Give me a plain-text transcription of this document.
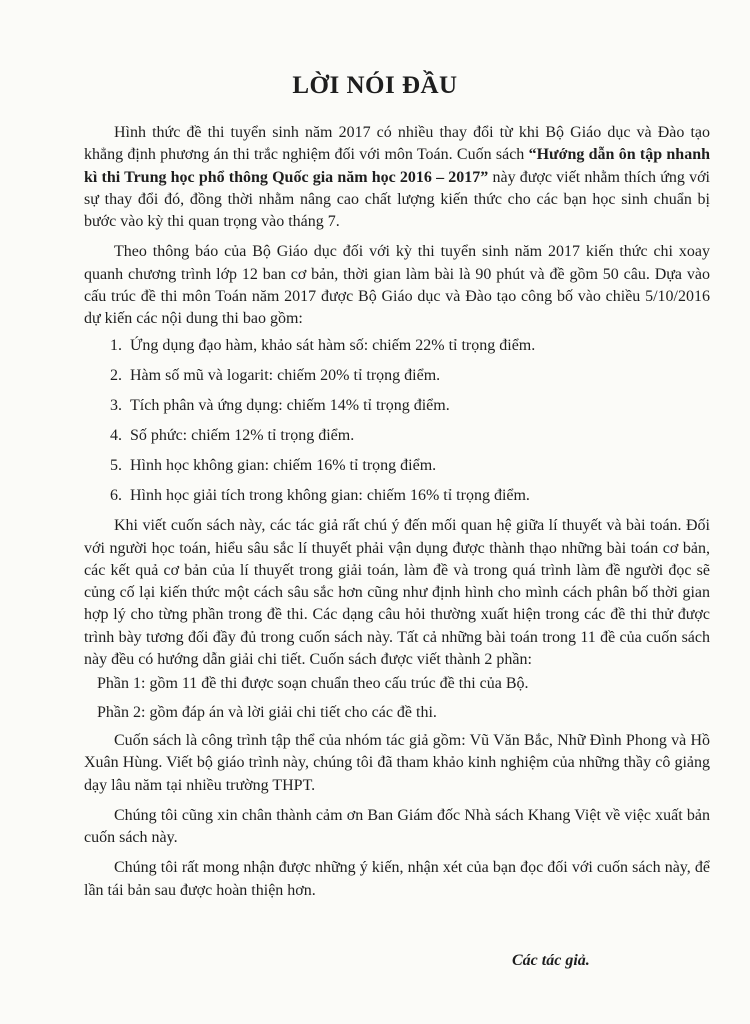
LỜI NÓI ĐẦU

Hình thức đề thi tuyển sinh năm 2017 có nhiều thay đổi từ khi Bộ Giáo dục và Đào tạo khẳng định phương án thi trắc nghiệm đối với môn Toán. Cuốn sách “Hướng dẫn ôn tập nhanh kì thi Trung học phổ thông Quốc gia năm học 2016 – 2017” này được viết nhằm thích ứng với sự thay đổi đó, đồng thời nhằm nâng cao chất lượng kiến thức cho các bạn học sinh chuẩn bị bước vào kỳ thi quan trọng vào tháng 7.

Theo thông báo của Bộ Giáo dục đối với kỳ thi tuyển sinh năm 2017 kiến thức chi xoay quanh chương trình lớp 12 ban cơ bản, thời gian làm bài là 90 phút và đề gồm 50 câu. Dựa vào cấu trúc đề thi môn Toán năm 2017 được Bộ Giáo dục và Đào tạo công bố vào chiều 5/10/2016 dự kiến các nội dung thi bao gồm:

1. Ứng dụng đạo hàm, khảo sát hàm số: chiếm 22% tỉ trọng điểm.
2. Hàm số mũ và logarit: chiếm 20% tỉ trọng điểm.
3. Tích phân và ứng dụng: chiếm 14% tỉ trọng điểm.
4. Số phức: chiếm 12% tỉ trọng điểm.
5. Hình học không gian: chiếm 16% tỉ trọng điểm.
6. Hình học giải tích trong không gian: chiếm 16% tỉ trọng điểm.

Khi viết cuốn sách này, các tác giả rất chú ý đến mối quan hệ giữa lí thuyết và bài toán. Đối với người học toán, hiểu sâu sắc lí thuyết phải vận dụng được thành thạo những bài toán cơ bản, các kết quả cơ bản của lí thuyết trong giải toán, làm đề và trong quá trình làm đề người đọc sẽ củng cố lại kiến thức một cách sâu sắc hơn cũng như định hình cho mình cách phân bố thời gian hợp lý cho từng phần trong đề thi. Các dạng câu hỏi thường xuất hiện trong các đề thi thử được trình bày tương đối đầy đủ trong cuốn sách này. Tất cả những bài toán trong 11 đề của cuốn sách này đều có hướng dẫn giải chi tiết. Cuốn sách được viết thành 2 phần:

Phần 1: gồm 11 đề thi được soạn chuẩn theo cấu trúc đề thi của Bộ.
Phần 2: gồm đáp án và lời giải chi tiết cho các đề thi.

Cuốn sách là công trình tập thể của nhóm tác giả gồm: Vũ Văn Bắc, Nhữ Đình Phong và Hồ Xuân Hùng. Viết bộ giáo trình này, chúng tôi đã tham khảo kinh nghiệm của những thầy cô giảng dạy lâu năm tại nhiều trường THPT.

Chúng tôi cũng xin chân thành cảm ơn Ban Giám đốc Nhà sách Khang Việt về việc xuất bản cuốn sách này.

Chúng tôi rất mong nhận được những ý kiến, nhận xét của bạn đọc đối với cuốn sách này, để lần tái bản sau được hoàn thiện hơn.

Các tác giả.
